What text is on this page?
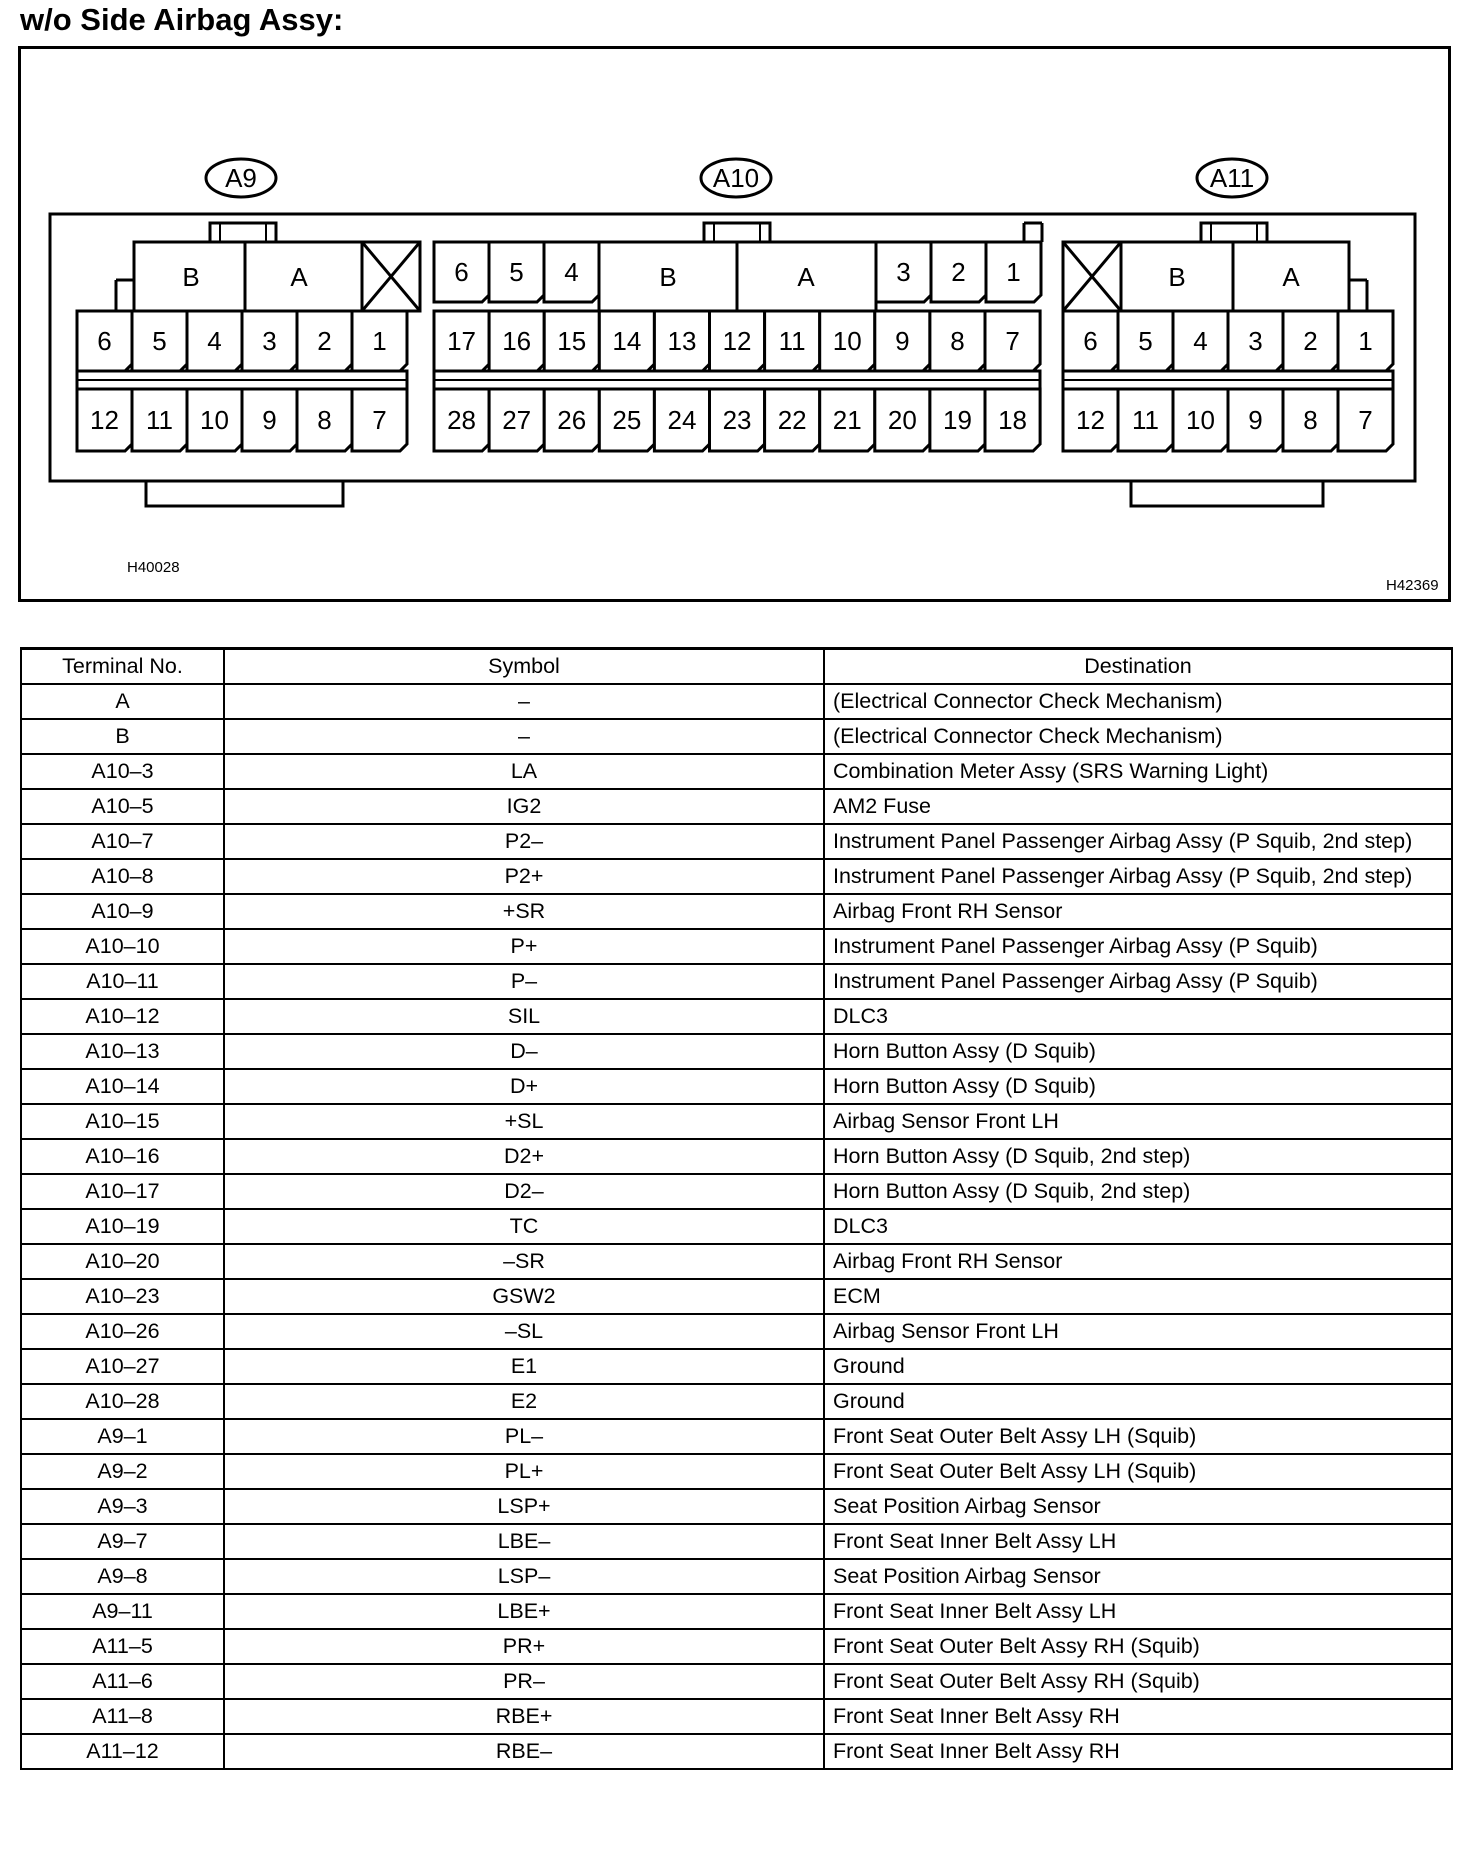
w/o Side Airbag Assy:
A9
B	A
6 5 4 3 2 1
12 11 10 9 8 7
A10
6 5 4	B	A	3 2 1
17 16 15 14 13 12 11 10 9 8 7
28 27 26 25 24 23 22 21 20 19 18
A11
B	A
6 5 4 3 2 1
12 11 10 9 8 7
H40028
H42369
Terminal No.	Symbol	Destination
A	–	(Electrical Connector Check Mechanism)
B	–	(Electrical Connector Check Mechanism)
A10–3	LA	Combination Meter Assy (SRS Warning Light)
A10–5	IG2	AM2 Fuse
A10–7	P2–	Instrument Panel Passenger Airbag Assy (P Squib, 2nd step)
A10–8	P2+	Instrument Panel Passenger Airbag Assy (P Squib, 2nd step)
A10–9	+SR	Airbag Front RH Sensor
A10–10	P+	Instrument Panel Passenger Airbag Assy (P Squib)
A10–11	P–	Instrument Panel Passenger Airbag Assy (P Squib)
A10–12	SIL	DLC3
A10–13	D–	Horn Button Assy (D Squib)
A10–14	D+	Horn Button Assy (D Squib)
A10–15	+SL	Airbag Sensor Front LH
A10–16	D2+	Horn Button Assy (D Squib, 2nd step)
A10–17	D2–	Horn Button Assy (D Squib, 2nd step)
A10–19	TC	DLC3
A10–20	–SR	Airbag Front RH Sensor
A10–23	GSW2	ECM
A10–26	–SL	Airbag Sensor Front LH
A10–27	E1	Ground
A10–28	E2	Ground
A9–1	PL–	Front Seat Outer Belt Assy LH (Squib)
A9–2	PL+	Front Seat Outer Belt Assy LH (Squib)
A9–3	LSP+	Seat Position Airbag Sensor
A9–7	LBE–	Front Seat Inner Belt Assy LH
A9–8	LSP–	Seat Position Airbag Sensor
A9–11	LBE+	Front Seat Inner Belt Assy LH
A11–5	PR+	Front Seat Outer Belt Assy RH (Squib)
A11–6	PR–	Front Seat Outer Belt Assy RH (Squib)
A11–8	RBE+	Front Seat Inner Belt Assy RH
A11–12	RBE–	Front Seat Inner Belt Assy RH
